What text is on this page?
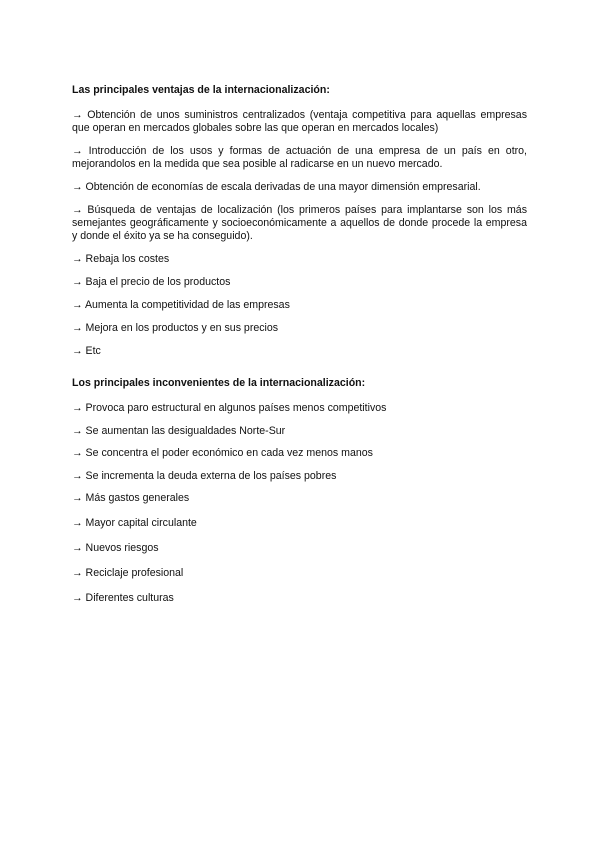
Las principales ventajas de la internacionalización:

→ Obtención de unos suministros centralizados (ventaja competitiva para aquellas empresas que operan en mercados globales sobre las que operan en mercados locales)

→ Introducción de los usos y formas de actuación de una empresa de un país en otro, mejorandolos en la medida que sea posible al radicarse en un nuevo mercado.

→ Obtención de economías de escala derivadas de una mayor dimensión empresarial.

→ Búsqueda de ventajas de localización (los primeros países para implantarse son los más semejantes geográficamente y socioeconómicamente a aquellos de donde procede la empresa y donde el éxito ya se ha conseguido).

→ Rebaja los costes

→ Baja el precio de los productos

→ Aumenta la competitividad de las empresas

→ Mejora en los productos y en sus precios

→ Etc

Los principales inconvenientes de la internacionalización:

→ Provoca paro estructural en algunos países menos competitivos

→ Se aumentan las desigualdades Norte-Sur

→ Se concentra el poder económico en cada vez menos manos

→ Se incrementa la deuda externa de los países pobres

→ Más gastos generales

→ Mayor capital circulante

→ Nuevos riesgos

→ Reciclaje profesional

→ Diferentes culturas
